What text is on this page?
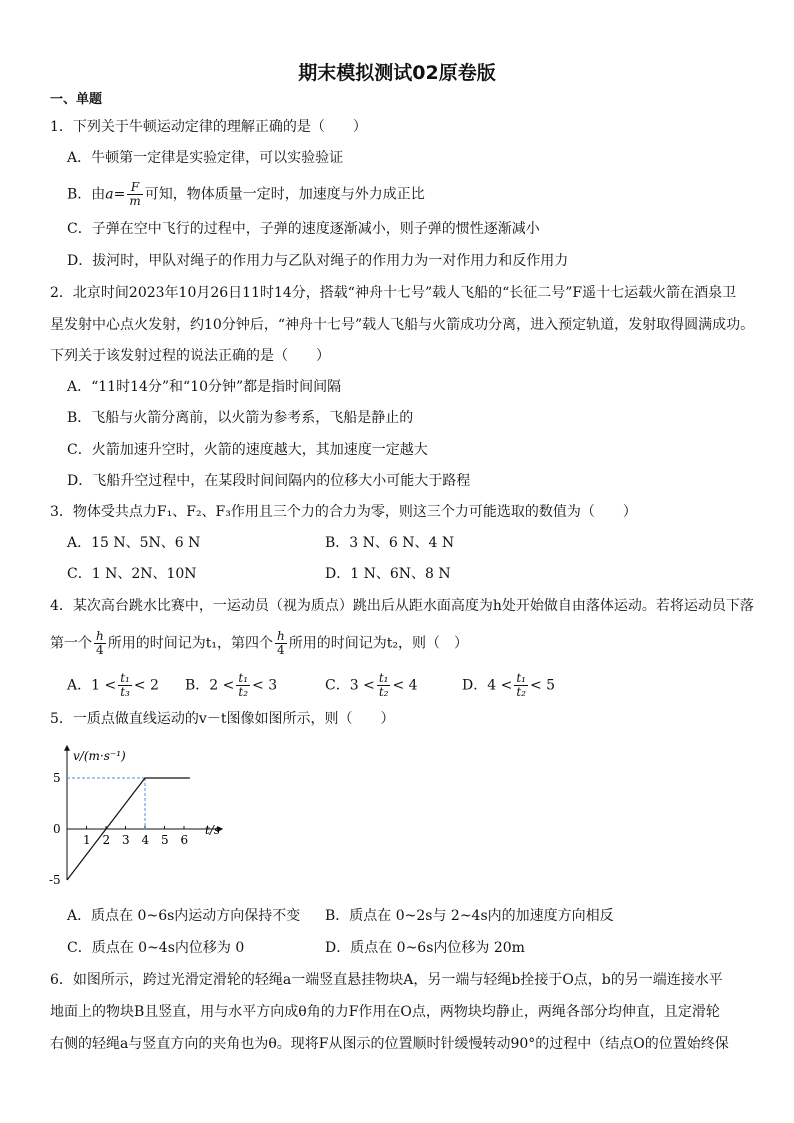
期末模拟测试02原卷版
一、单题
1．下列关于牛顿运动定律的理解正确的是（　　）
A．牛顿第一定律是实验定律，可以实验验证
B．由$a= \frac{F}{m}$ 可知，物体质量一定时，加速度与外力成正比
C．子弹在空中飞行的过程中，子弹的速度逐渐减小，则子弹的惯性逐渐减小
D．拔河时，甲队对绳子的作用力与乙队对绳子的作用力为一对作用力和反作用力
2．北京时间2023年10月26日11时14分，搭载“神舟十七号”载人飞船的“长征二号”F遥十七运载火箭在酒泉卫
星发射中心点火发射，约10分钟后，“神舟十七号”载人飞船与火箭成功分离，进入预定轨道，发射取得圆满成功。
下列关于该发射过程的说法正确的是（　　）
A．“11时14分”和“10分钟”都是指时间间隔
B．飞船与火箭分离前，以火箭为参考系，飞船是静止的
C．火箭加速升空时，火箭的速度越大，其加速度一定越大
D．飞船升空过程中，在某段时间间隔内的位移大小可能大于路程
3．物体受共点力F₁、F₂、F₃作用且三个力的合力为零，则这三个力可能选取的数值为（　　）
A．15 N、5N、6 N	B．3 N、6 N、4 N
C．1 N、2N、10N	D．1 N、6N、8 N
4．某次高台跳水比赛中，一运动员（视为质点）跳出后从距水面高度为h处开始做自由落体运动。若将运动员下落
第一个 $\frac{h}{4}$ 所用的时间记为t₁，第四个 $\frac{h}{4}$ 所用的时间记为t₂，则（　）
A．$1 < \frac{\text{t₁}}{\text{t₃}} < 2$ B．$2 < \frac{\text{t₁}}{\text{t₂}} < 3$	C．$3 < \frac{\text{t₁}}{\text{t₂}} < 4$	D．$4 < \frac{\text{t₁}}{\text{t₂}} < 5$
5．一质点做直线运动的v－t图像如图所示，则（　　）
v/(m·s⁻¹)
t/s
1 2 3 4 5 6
5
0
-5
A．质点在 0~6s内运动方向保持不变 B．质点在 0~2s与 2~4s内的加速度方向相反
C．质点在 0~4s内位移为 0	D．质点在 0~6s内位移为 20m
6．如图所示，跨过光滑定滑轮的轻绳a一端竖直悬挂物块A，另一端与轻绳b拴接于O点，b的另一端连接水平
地面上的物块B且竖直，用与水平方向成θ角的力F作用在O点，两物块均静止，两绳各部分均伸直，且定滑轮
右侧的轻绳a与竖直方向的夹角也为θ。现将F从图示的位置顺时针缓慢转动90°的过程中（结点O的位置始终保
